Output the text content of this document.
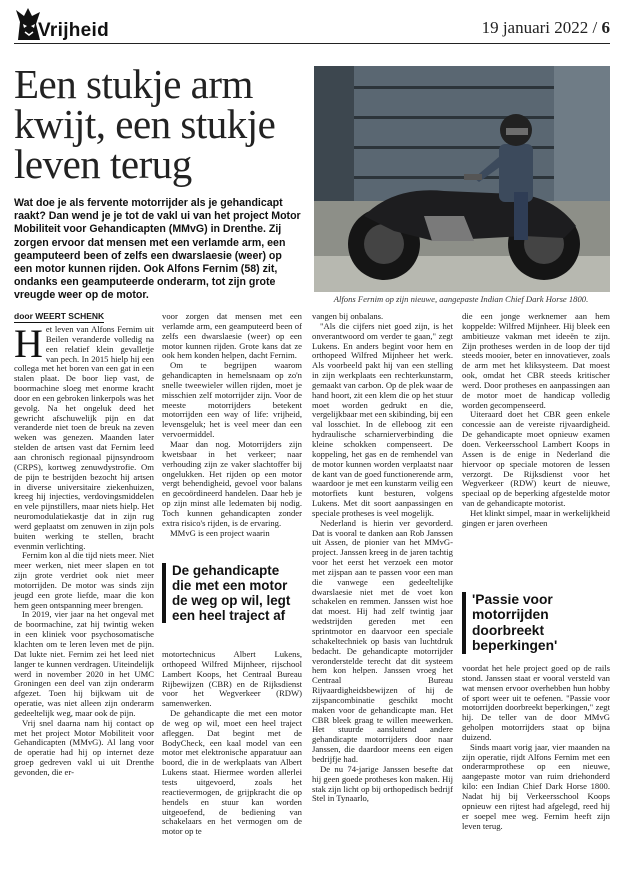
Vrijheid	19 januari 2022 / 6
Een stukje arm kwijt, een stukje leven terug
Wat doe je als fervente motorrijder als je gehandicapt raakt? Dan wend je je tot de vakl ui van het project Motor Mobiliteit voor Gehandicapten (MMvG) in Drenthe. Zij zorgen ervoor dat mensen met een verlamde arm, een geamputeerd been of zelfs een dwarslaesie (weer) op een motor kunnen rijden. Ook Alfons Fernim (58) zit, ondanks een geamputeerde onderarm, tot zijn grote vreugde weer op de motor.	Alfons Fernim op zijn nieuwe, aangepaste Indian Chief Dark Horse 1800.
door WEERT SCHENK

Het leven van Alfons Fernim uit Beilen veranderde volledig na een relatief klein gevalletje van pech. In 2015 hielp hij een collega met het boren van een gat in een stalen plaat. De boor liep vast, de boormachine sloeg met enorme kracht door en een gebroken linkerpols was het gevolg. Na het ongeluk deed het gewricht afschuwelijk pijn en dat veranderde niet toen de breuk na zeven weken was genezen. Maanden later stelden de artsen vast dat Fernim leed aan chronisch regionaal pijnsyndroom (CRPS), kortweg zenuwdystrofie. Om de pijn te bestrijden bezocht hij artsen in diverse universitaire ziekenhuizen, kreeg hij injecties, verdovingsmiddelen en vele pijnstillers, maar niets hielp. Het neuromodulatiekastje dat in zijn rug werd geplaatst om zenuwen in zijn pols buiten werking te stellen, bracht evenmin verlichting.

Fernim kon al die tijd niets meer. Niet meer werken, niet meer slapen en tot zijn grote verdriet ook niet meer motorrijden. De motor was sinds zijn jeugd een grote liefde, maar die kon hem geen ontspanning meer brengen.

In 2019, vier jaar na het ongeval met de boormachine, zat hij twintig weken in een kliniek voor psychosomatische klachten om te leren leven met de pijn. Dat lukte niet. Fernim zei het leed niet langer te kunnen verdragen. Uiteindelijk werd in november 2020 in het UMC Groningen een deel van zijn onderarm afgezet. Toen hij bijkwam uit de operatie, was niet alleen zijn onderarm gedeeltelijk weg, maar ook de pijn.

Vrij snel daarna nam hij contact op met het project Motor Mobiliteit voor Gehandicapten (MMvG). Al lang voor de operatie had hij op internet deze groep gedreven vakl ui uit Drenthe gevonden, die er-

voor zorgen dat mensen met een verlamde arm, een geamputeerd been of zelfs een dwarslaesie (weer) op een motor kunnen rijden. Grote kans dat ze ook hem konden helpen, dacht Fernim.

Om te begrijpen waarom gehandicapten in hemelsnaam op zo'n snelle tweewieler willen rijden, moet je misschien zelf motorrijder zijn. Voor de meeste motorrijders betekent motorrijden een way of life: vrijheid, levensgeluk; het is veel meer dan een vervoermiddel.

Maar dan nog. Motorrijders zijn kwetsbaar in het verkeer; naar verhouding zijn ze vaker slachtoffer bij ongelukken. Het rijden op een motor vergt behendigheid, gevoel voor balans en gecoördineerd handelen. Daar heb je op zijn minst alle ledematen bij nodig. Toch kunnen gehandicapten zonder extra risico's rijden, is de ervaring.

MMvG is een project waarin

De gehandicapte die met een motor de weg op wil, legt een heel traject af

motortechnicus Albert Lukens, orthopeed Wilfred Mijnheer, rijschool Lambert Koops, het Centraal Bureau Rijbewijzen (CBR) en de Rijksdienst voor het Wegverkeer (RDW) samenwerken.

De gehandicapte die met een motor de weg op wil, moet een heel traject afleggen. Dat begint met de BodyCheck, een kaal model van een motor met elektronische apparatuur aan boord, die in de werkplaats van Albert Lukens staat. Hiermee worden allerlei tests uitgevoerd, zoals het reactievermogen, de grijpkracht die op hendels en stuur kan worden uitgeoefend, de bediening van schakelaars en het vermogen om de motor op te

vangen bij onbalans.

"Als die cijfers niet goed zijn, is het onverantwoord om verder te gaan," zegt Lukens. En anders begint voor hem en orthopeed Wilfred Mijnheer het werk. Als voorbeeld pakt hij van een stelling in zijn werkplaats een rechterkunstarm, gemaakt van carbon. Op de plek waar de hand hoort, zit een klem die op het stuur moet worden gedrukt en die, vergelijkbaar met een skibinding, bij een val losschiet. In de elleboog zit een hydraulische scharnierverbinding die kleine schokken compenseert. De koppeling, het gas en de remhendel van de motor kunnen worden verplaatst naar de kant van de goed functionerende arm, waardoor je met een kunstarm veilig een motorfiets kunt besturen, volgens Lukens. Met dit soort aanpassingen en speciale protheses is veel mogelijk.

Nederland is hierin ver gevorderd. Dat is vooral te danken aan Rob Janssen uit Assen, de pionier van het MMvG-project. Janssen kreeg in de jaren tachtig voor het eerst het verzoek een motor met zijspan aan te passen voor een man die vanwege een gedeeltelijke dwarslaesie niet met de voet kon schakelen en remmen. Janssen wist hoe dat moest. Hij had zelf twintig jaar wedstrijden gereden met een sprintmotor en daarvoor een speciale schakeltechniek op basis van luchtdruk bedacht. De gehandicapte motorrijder veronderstelde terecht dat dit systeem hem kon helpen. Janssen vroeg het Centraal Bureau Rijvaardigheidsbewijzen of hij de zijspancombinatie geschikt mocht maken voor de gehandicapte man. Het CBR bleek graag te willen meewerken. Het stuurde aansluitend andere gehandicapte motorrijders door naar Janssen, die daardoor meens een eigen bedrijfje had.

De nu 74-jarige Janssen besefte dat hij geen goede protheses kon maken. Hij stak zijn licht op bij orthopedisch bedrijf Stel in Tynaarlo,

die een jonge werknemer aan hem koppelde: Wilfred Mijnheer. Hij bleek een ambitieuze vakman met ideeën te zijn. Zijn protheses werden in de loop der tijd steeds mooier, beter en innovatiever, zoals de arm met het kliksysteem. Dat moest ook, omdat het CBR steeds kritischer werd. Door protheses en aanpassingen aan de motor moet de handicap volledig worden gecompenseerd.

Uiteraard doet het CBR geen enkele concessie aan de vereiste rijvaardigheid. De gehandicapte moet opnieuw examen doen. Verkeersschool Lambert Koops in Assen is de enige in Nederland die hiervoor op speciale motoren de lessen verzorgt. De Rijksdienst voor het Wegverkeer (RDW) keurt de nieuwe, speciaal op de beperking afgestelde motor van de gehandicapte motorist.

Het klinkt simpel, maar in werkelijkheid gingen er jaren overheen

'Passie voor motorrijden doorbreekt beperkingen'

voordat het hele project goed op de rails stond. Janssen staat er vooral versteld van wat mensen ervoor overhebben hun hobby of sport weer uit te oefenen. "Passie voor motorrijden doorbreekt beperkingen," zegt hij. De teller van de door MMvG geholpen motorrijders staat op bijna duizend.

Sinds maart vorig jaar, vier maanden na zijn operatie, rijdt Alfons Fernim met een onderarmprothese op een nieuwe, aangepaste motor van ruim driehonderd kilo: een Indian Chief Dark Horse 1800. Nadat hij bij Verkeersschool Koops opnieuw een rijtest had afgelegd, reed hij er soepel mee weg. Fernim heeft zijn leven terug.
